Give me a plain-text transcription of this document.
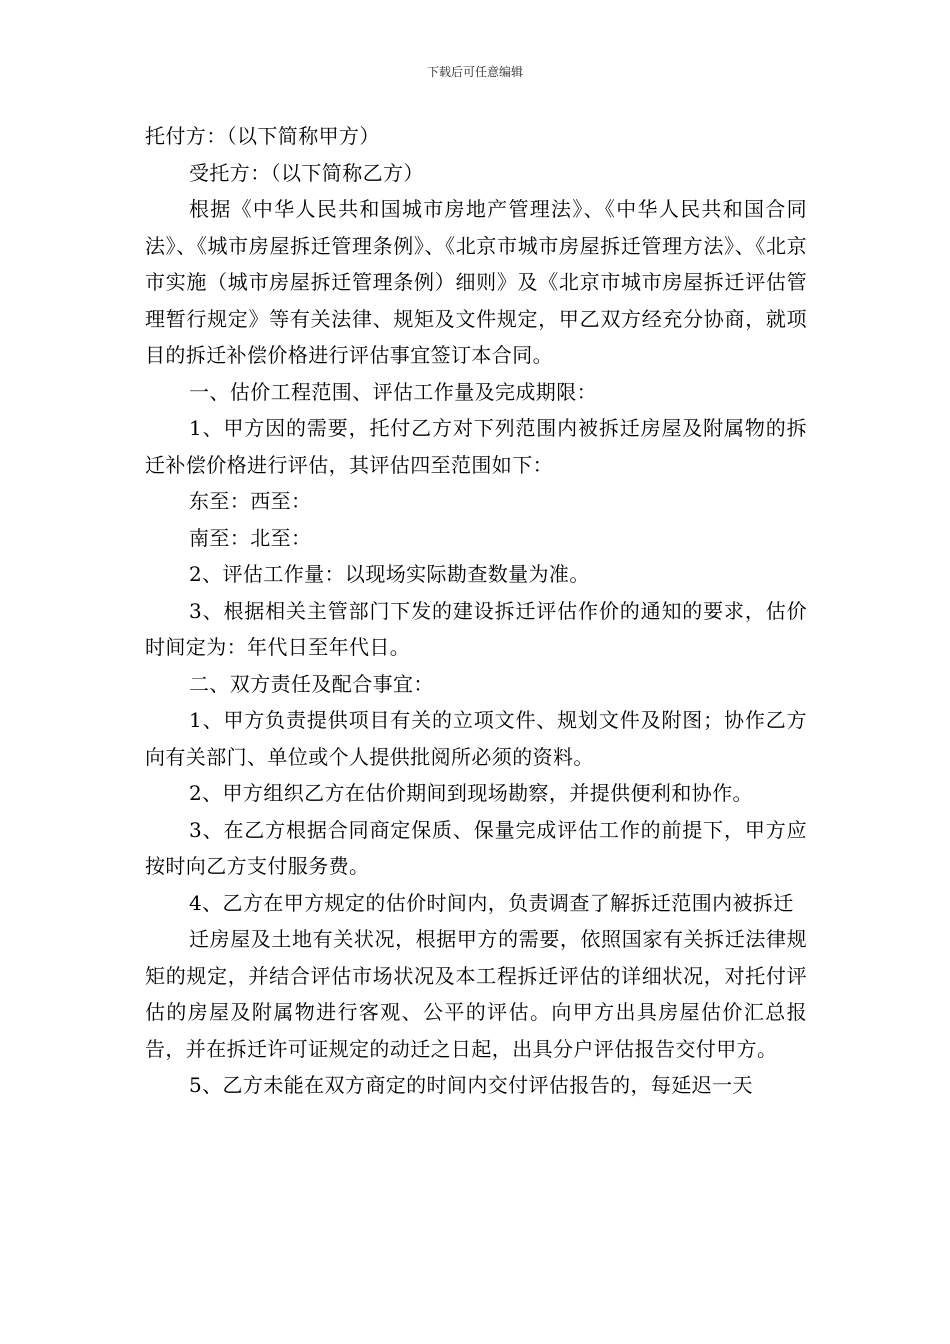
下载后可任意编辑

托付方：（以下简称甲方）

受托方：（以下简称乙方）

根据《中华人民共和国城市房地产管理法》、《中华人民共和国合同法》、《城市房屋拆迁管理条例》、《北京市城市房屋拆迁管理方法》、《北京市实施（城市房屋拆迁管理条例）细则》及《北京市城市房屋拆迁评估管理暂行规定》等有关法律、规矩及文件规定，甲乙双方经充分协商，就项目的拆迁补偿价格进行评估事宜签订本合同。

一、估价工程范围、评估工作量及完成期限：

1、甲方因的需要，托付乙方对下列范围内被拆迁房屋及附属物的拆迁补偿价格进行评估，其评估四至范围如下：

东至：西至：

南至：北至：

2、评估工作量：以现场实际勘查数量为准。

3、根据相关主管部门下发的建设拆迁评估作价的通知的要求，估价时间定为：年代日至年代日。

二、双方责任及配合事宜：

1、甲方负责提供项目有关的立项文件、规划文件及附图；协作乙方向有关部门、单位或个人提供批阅所必须的资料。

2、甲方组织乙方在估价期间到现场勘察，并提供便利和协作。

3、在乙方根据合同商定保质、保量完成评估工作的前提下，甲方应按时向乙方支付服务费。

4、乙方在甲方规定的估价时间内，负责调查了解拆迁范围内被拆迁

迁房屋及土地有关状况，根据甲方的需要，依照国家有关拆迁法律规矩的规定，并结合评估市场状况及本工程拆迁评估的详细状况，对托付评估的房屋及附属物进行客观、公平的评估。向甲方出具房屋估价汇总报告，并在拆迁许可证规定的动迁之日起，出具分户评估报告交付甲方。

5、乙方未能在双方商定的时间内交付评估报告的，每延迟一天
